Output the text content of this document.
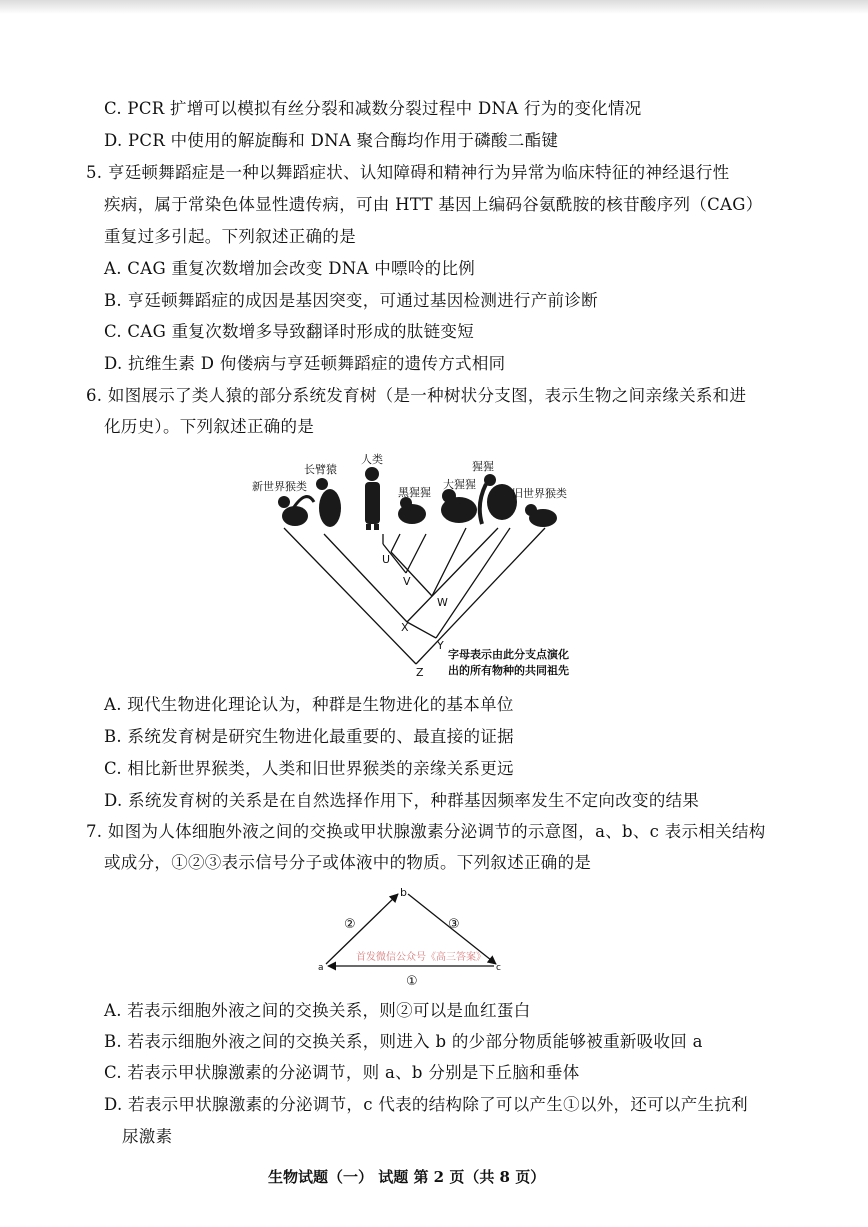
C. PCR 扩增可以模拟有丝分裂和减数分裂过程中 DNA 行为的变化情况
D. PCR 中使用的解旋酶和 DNA 聚合酶均作用于磷酸二酯键
5. 亨廷顿舞蹈症是一种以舞蹈症状、认知障碍和精神行为异常为临床特征的神经退行性
疾病，属于常染色体显性遗传病，可由 HTT 基因上编码谷氨酰胺的核苷酸序列（CAG）
重复过多引起。下列叙述正确的是
A. CAG 重复次数增加会改变 DNA 中嘌呤的比例
B. 亨廷顿舞蹈症的成因是基因突变，可通过基因检测进行产前诊断
C. CAG 重复次数增多导致翻译时形成的肽链变短
D. 抗维生素 D 佝偻病与亨廷顿舞蹈症的遗传方式相同
6. 如图展示了类人猿的部分系统发育树（是一种树状分支图，表示生物之间亲缘关系和进
化历史）。下列叙述正确的是
新世界猴类
长臂猿
人类
黑猩猩
大猩猩
猩猩
旧世界猴类
U
V
W
X
Y
Z
字母表示由此分支点演化
出的所有物种的共同祖先
A. 现代生物进化理论认为，种群是生物进化的基本单位
B. 系统发育树是研究生物进化最重要的、最直接的证据
C. 相比新世界猴类，人类和旧世界猴类的亲缘关系更远
D. 系统发育树的关系是在自然选择作用下，种群基因频率发生不定向改变的结果
7. 如图为人体细胞外液之间的交换或甲状腺激素分泌调节的示意图，a、b、c 表示相关结构
或成分，①②③表示信号分子或体液中的物质。下列叙述正确的是
b
a	c
②	③
①
首发微信公众号《高三答案》
A. 若表示细胞外液之间的交换关系，则②可以是血红蛋白
B. 若表示细胞外液之间的交换关系，则进入 b 的少部分物质能够被重新吸收回 a
C. 若表示甲状腺激素的分泌调节，则 a、b 分别是下丘脑和垂体
D. 若表示甲状腺激素的分泌调节，c 代表的结构除了可以产生①以外，还可以产生抗利
尿激素
生物试题（一） 试题 第 2 页（共 8 页）
